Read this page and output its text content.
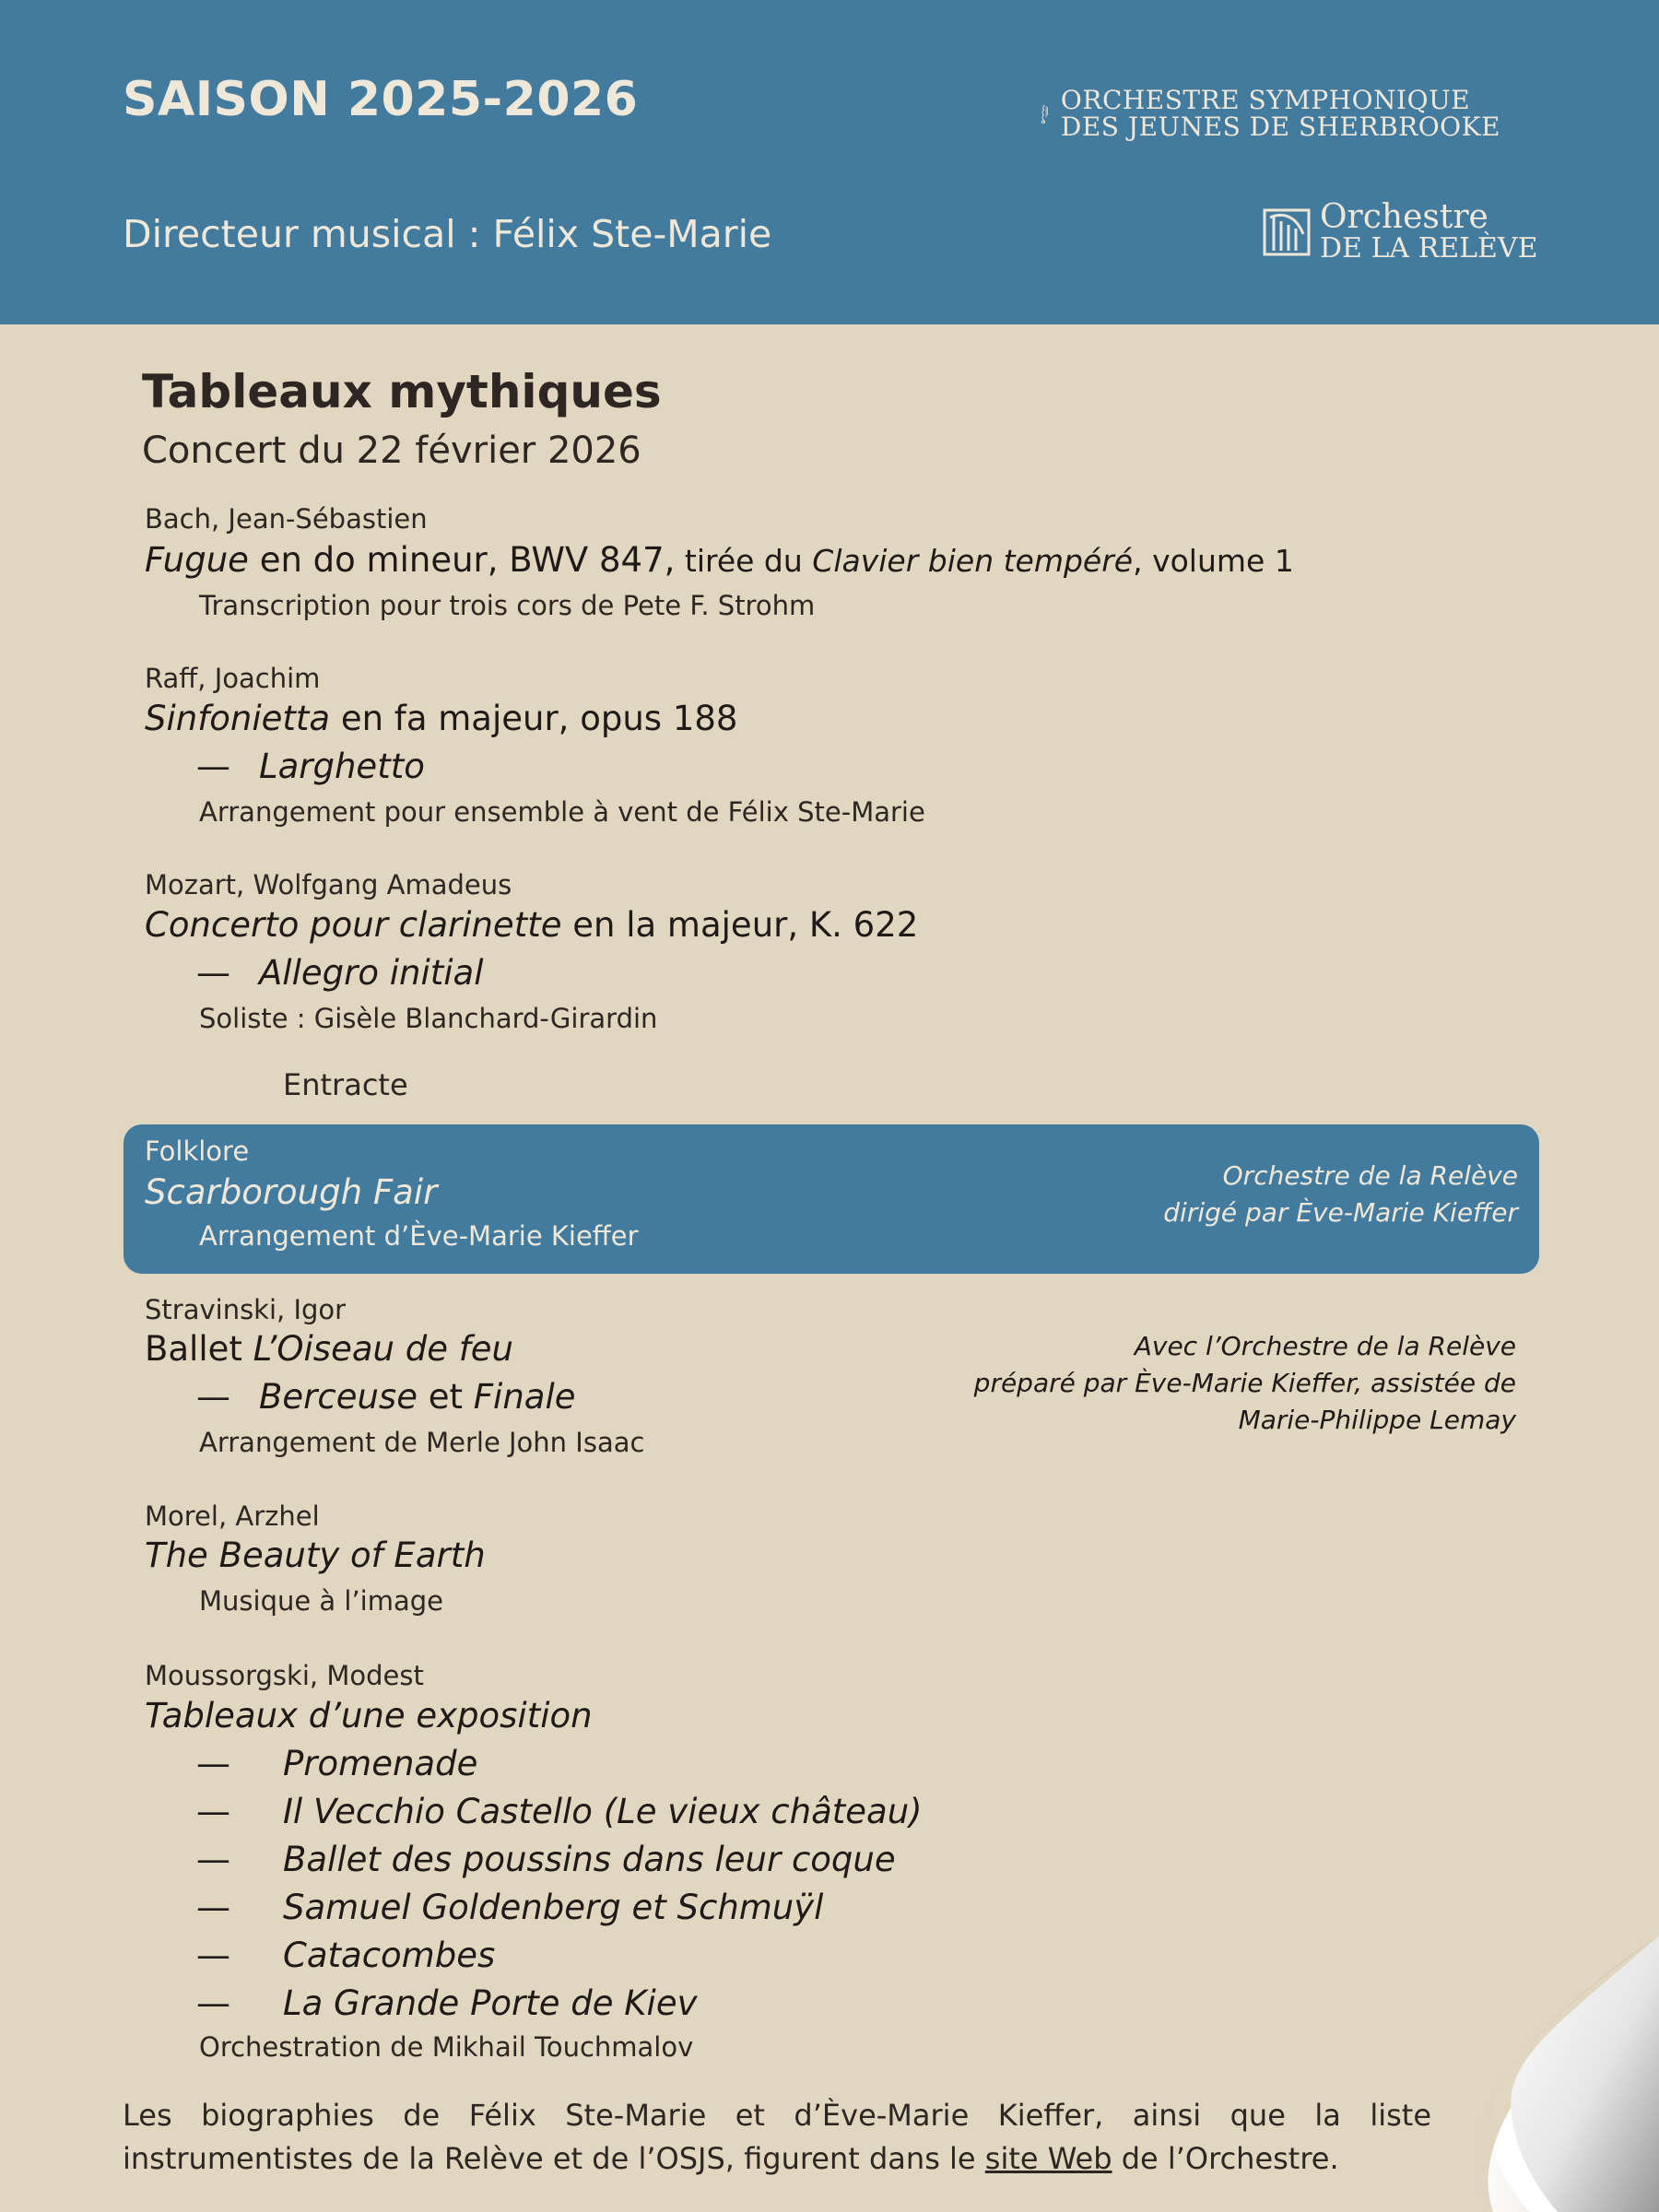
SAISON 2025-2026
Directeur musical : Félix Ste-Marie
ORCHESTRE SYMPHONIQUE
DES JEUNES DE SHERBROOKE
Orchestre
DE LA RELÈVE
Tableaux mythiques
Concert du 22 février 2026
Bach, Jean-Sébastien
Fugue en do mineur, BWV 847, tirée du Clavier bien tempéré, volume 1
Transcription pour trois cors de Pete F. Strohm
Raff, Joachim
Sinfonietta en fa majeur, opus 188
— Larghetto
Arrangement pour ensemble à vent de Félix Ste-Marie
Mozart, Wolfgang Amadeus
Concerto pour clarinette en la majeur, K. 622
— Allegro initial
Soliste : Gisèle Blanchard-Girardin
Entracte
Folklore
Scarborough Fair
Arrangement d’Ève-Marie Kieffer
Orchestre de la Relève
dirigé par Ève-Marie Kieffer
Stravinski, Igor
Ballet L’Oiseau de feu
— Berceuse et Finale
Arrangement de Merle John Isaac
Avec l’Orchestre de la Relève
préparé par Ève-Marie Kieffer, assistée de
Marie-Philippe Lemay
Morel, Arzhel
The Beauty of Earth
Musique à l’image
Moussorgski, Modest
Tableaux d’une exposition
— Promenade
— Il Vecchio Castello (Le vieux château)
— Ballet des poussins dans leur coque
— Samuel Goldenberg et Schmuÿl
— Catacombes
— La Grande Porte de Kiev
Orchestration de Mikhail Touchmalov
Les biographies de Félix Ste-Marie et d’Ève-Marie Kieffer, ainsi que la liste instrumentistes de la Relève et de l’OSJS, figurent dans le site Web de l’Orchestre.
